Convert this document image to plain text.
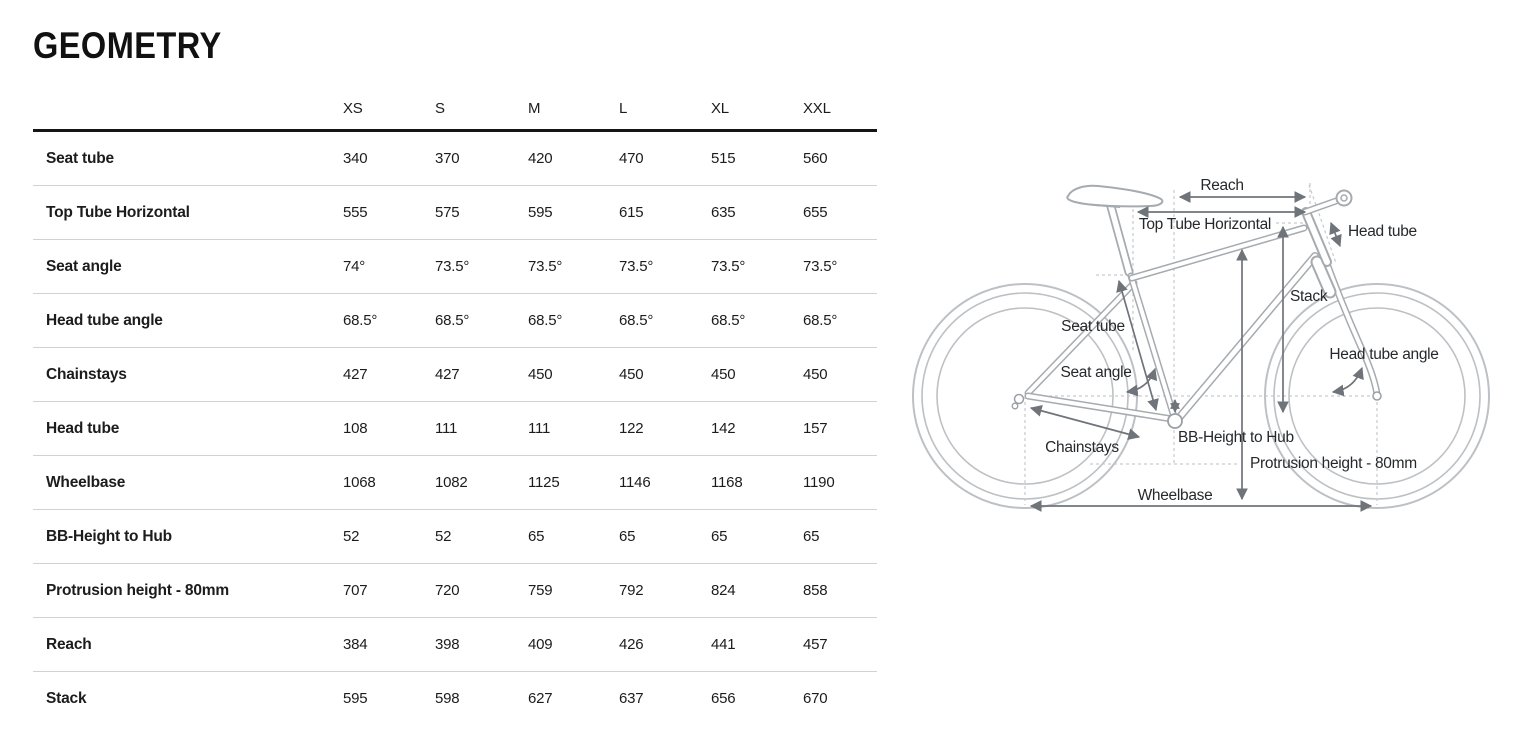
GEOMETRY
XS	S	M	L	XL	XXL
Seat tube	340	370	420	470	515	560
Top Tube Horizontal	555	575	595	615	635	655
Seat angle	74°	73.5°	73.5°	73.5°	73.5°	73.5°
Head tube angle	68.5°	68.5°	68.5°	68.5°	68.5°	68.5°
Chainstays	427	427	450	450	450	450
Head tube	108	111	111	122	142	157
Wheelbase	1068	1082	1125	1146	1168	1190
BB-Height to Hub	52	52	65	65	65	65
Protrusion height - 80mm	707	720	759	792	824	858
Reach	384	398	409	426	441	457
Stack	595	598	627	637	656	670
Reach
Top Tube Horizontal	Head tube
Stack
Seat tube
Seat angle
Head tube angle
Chainstays
BB-Height to Hub
Protrusion height - 80mm
Wheelbase
